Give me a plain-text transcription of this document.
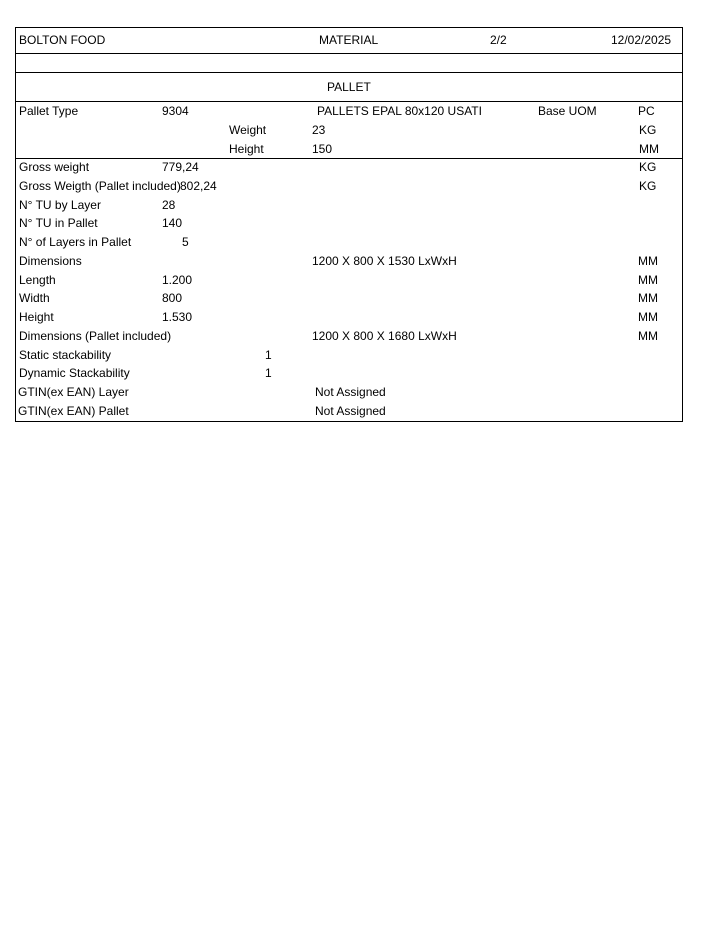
BOLTON FOOD	MATERIAL	2/2	12/02/2025
PALLET
Pallet Type	9304	PALLETS EPAL 80x120 USATI	Base UOM	PC
Weight	23	KG
Height	150	MM
Gross weight	779,24	KG
Gross Weigth (Pallet included) 802,24	KG
N° TU by Layer	28
N° TU in Pallet	140
N° of Layers in Pallet	5
Dimensions	1200 X 800 X 1530 LxWxH	MM
Length	1.200	MM
Width	800	MM
Height	1.530	MM
Dimensions (Pallet included)	1200 X 800 X 1680 LxWxH	MM
Static stackability	1
Dynamic Stackability	1
GTIN(ex EAN) Layer	Not Assigned
GTIN(ex EAN) Pallet	Not Assigned
